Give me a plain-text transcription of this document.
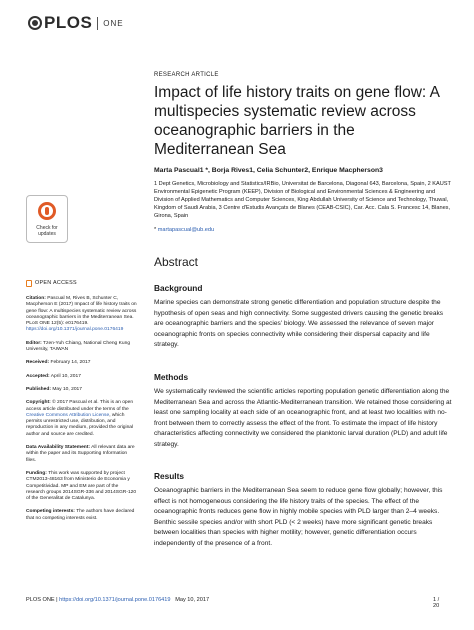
PLOS ONE
RESEARCH ARTICLE
Impact of life history traits on gene flow: A multispecies systematic review across oceanographic barriers in the Mediterranean Sea
Marta Pascual1 *, Borja Rives1, Celia Schunter2, Enrique Macpherson3
1 Dept Genetics, Microbiology and Statistics/IRBio, Universitat de Barcelona, Diagonal 643, Barcelona, Spain, 2 KAUST Environmental Epigenetic Program (KEEP), Division of Biological and Environmental Sciences & Engineering and Division of Applied Mathematics and Computer Sciences, King Abdullah University of Science and Technology, Thuwal, Kingdom of Saudi Arabia, 3 Centre d'Estudis Avançats de Blanes (CEAB-CSIC), Car. Acc. Cala S. Francesc 14, Blanes, Girona, Spain
* martapascual@ub.edu
Check for
updates
OPEN ACCESS
Citation: Pascual M, Rives B, Schunter C, Macpherson E (2017) Impact of life history traits on gene flow: A multispecies systematic review across oceanographic barriers in the Mediterranean Sea. PLoS ONE 12(5): e0176419. https://doi.org/10.1371/journal.pone.0176419
Editor: Tzen-Yuh Chiang, National Cheng Kung University, TAIWAN
Received: February 14, 2017
Accepted: April 10, 2017
Published: May 10, 2017
Copyright: © 2017 Pascual et al. This is an open access article distributed under the terms of the Creative Commons Attribution License, which permits unrestricted use, distribution, and reproduction in any medium, provided the original author and source are credited.
Data Availability Statement: All relevant data are within the paper and its Supporting Information files.
Funding: This work was supported by project CTM2013-48163 from Ministerio de Economia y Competitividad. MP and EM are part of the research groups 2014SGR-336 and 2014SGR-120 of the Generalitat de Catalunya.
Competing interests: The authors have declared that no competing interests exist.
Abstract
Background
Marine species can demonstrate strong genetic differentiation and population structure despite the hypothesis of open seas and high connectivity. Some suggested drivers causing the genetic breaks are oceanographic barriers and the species' biology. We assessed the relevance of seven major oceanographic fronts on species connectivity while considering their dispersal capacity and life strategy.
Methods
We systematically reviewed the scientific articles reporting population genetic differentiation along the Mediterranean Sea and across the Atlantic-Mediterranean transition. We retained those considering at least one sampling locality at each side of an oceanographic front, and at least two localities with no-front between them to correctly assess the effect of the front. To estimate the impact of life history characteristics affecting connectivity we considered the planktonic larval duration (PLD) and adult life strategy.
Results
Oceanographic barriers in the Mediterranean Sea seem to reduce gene flow globally; however, this effect is not homogeneous considering the life history traits of the species. The effect of the oceanographic fronts reduces gene flow in highly mobile species with PLD larger than 2–4 weeks. Benthic sessile species and/or with short PLD (< 2 weeks) have more significant genetic breaks between localities than species with higher motility; however, genetic differentiation occurs independently of the presence of a front.
PLOS ONE | https://doi.org/10.1371/journal.pone.0176419 May 10, 2017	1 / 20
